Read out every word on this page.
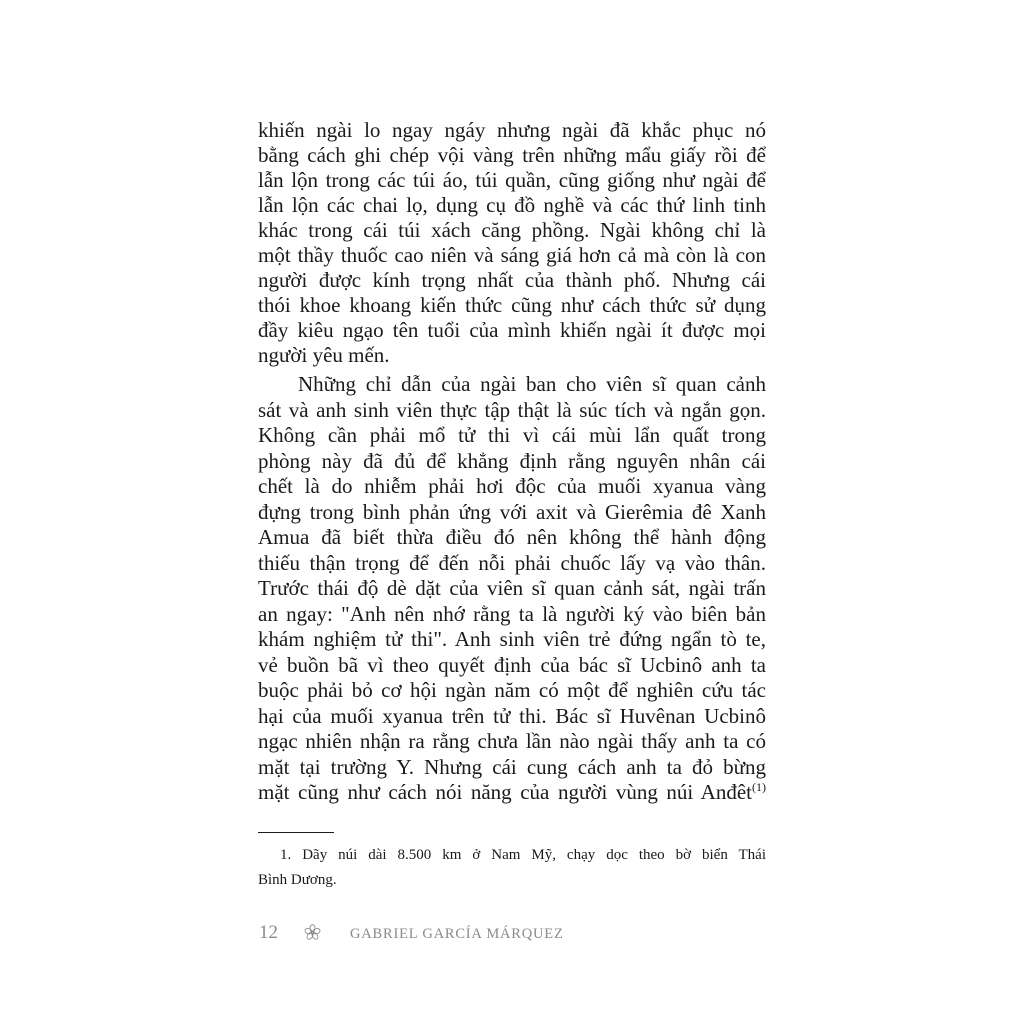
khiến ngài lo ngay ngáy nhưng ngài đã khắc phục nó
bằng cách ghi chép vội vàng trên những mẩu giấy rồi để
lẫn lộn trong các túi áo, túi quần, cũng giống như ngài để
lẫn lộn các chai lọ, dụng cụ đồ nghề và các thứ linh tinh
khác trong cái túi xách căng phồng. Ngài không chỉ là
một thầy thuốc cao niên và sáng giá hơn cả mà còn là con
người được kính trọng nhất của thành phố. Nhưng cái
thói khoe khoang kiến thức cũng như cách thức sử dụng
đầy kiêu ngạo tên tuổi của mình khiến ngài ít được mọi
người yêu mến.
Những chỉ dẫn của ngài ban cho viên sĩ quan cảnh
sát và anh sinh viên thực tập thật là súc tích và ngắn gọn.
Không cần phải mổ tử thi vì cái mùi lẩn quất trong
phòng này đã đủ để khẳng định rằng nguyên nhân cái
chết là do nhiễm phải hơi độc của muối xyanua vàng
đựng trong bình phản ứng với axit và Gierêmia đê Xanh
Amua đã biết thừa điều đó nên không thể hành động
thiếu thận trọng để đến nỗi phải chuốc lấy vạ vào thân.
Trước thái độ dè dặt của viên sĩ quan cảnh sát, ngài trấn
an ngay: "Anh nên nhớ rằng ta là người ký vào biên bản
khám nghiệm tử thi". Anh sinh viên trẻ đứng ngẩn tò te,
vẻ buồn bã vì theo quyết định của bác sĩ Ucbinô anh ta
buộc phải bỏ cơ hội ngàn năm có một để nghiên cứu tác
hại của muối xyanua trên tử thi. Bác sĩ Huvênan Ucbinô
ngạc nhiên nhận ra rằng chưa lần nào ngài thấy anh ta có
mặt tại trường Y. Nhưng cái cung cách anh ta đỏ bừng
mặt cũng như cách nói năng của người vùng núi Anđêt$^{(1)}$
1. Dãy núi dài 8.500 km ở Nam Mỹ, chạy dọc theo bờ biển Thái
Bình Dương.
12	GABRIEL GARCÍA MÁRQUEZ
